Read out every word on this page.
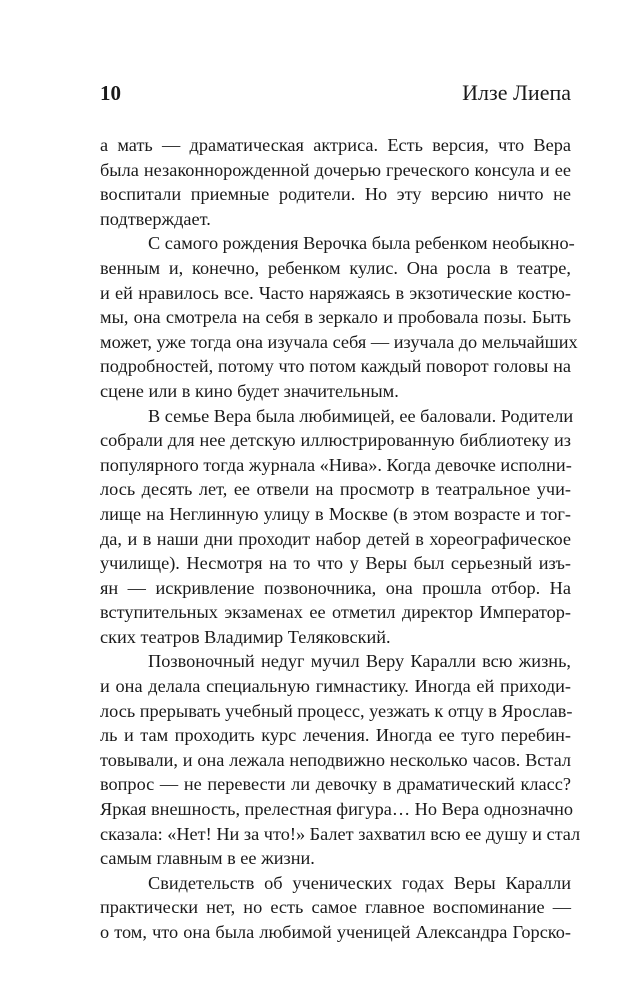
10	Илзе Лиепа
а мать — драматическая актриса. Есть версия, что Вера
была незаконнорожденной дочерью греческого консула и ее
воспитали приемные родители. Но эту версию ничто не
подтверждает.
С самого рождения Верочка была ребенком необыкно-
венным и, конечно, ребенком кулис. Она росла в театре,
и ей нравилось все. Часто наряжаясь в экзотические костю-
мы, она смотрела на себя в зеркало и пробовала позы. Быть
может, уже тогда она изучала себя — изучала до мельчайших
подробностей, потому что потом каждый поворот головы на
сцене или в кино будет значительным.
В семье Вера была любимицей, ее баловали. Родители
собрали для нее детскую иллюстрированную библиотеку из
популярного тогда журнала «Нива». Когда девочке исполни-
лось десять лет, ее отвели на просмотр в театральное учи-
лище на Неглинную улицу в Москве (в этом возрасте и тог-
да, и в наши дни проходит набор детей в хореографическое
училище). Несмотря на то что у Веры был серьезный изъ-
ян — искривление позвоночника, она прошла отбор. На
вступительных экзаменах ее отметил директор Император-
ских театров Владимир Теляковский.
Позвоночный недуг мучил Веру Каралли всю жизнь,
и она делала специальную гимнастику. Иногда ей приходи-
лось прерывать учебный процесс, уезжать к отцу в Ярослав-
ль и там проходить курс лечения. Иногда ее туго перебин-
товывали, и она лежала неподвижно несколько часов. Встал
вопрос — не перевести ли девочку в драматический класс?
Яркая внешность, прелестная фигура… Но Вера однозначно
сказала: «Нет! Ни за что!» Балет захватил всю ее душу и стал
самым главным в ее жизни.
Свидетельств об ученических годах Веры Каралли
практически нет, но есть самое главное воспоминание —
о том, что она была любимой ученицей Александра Горско-
